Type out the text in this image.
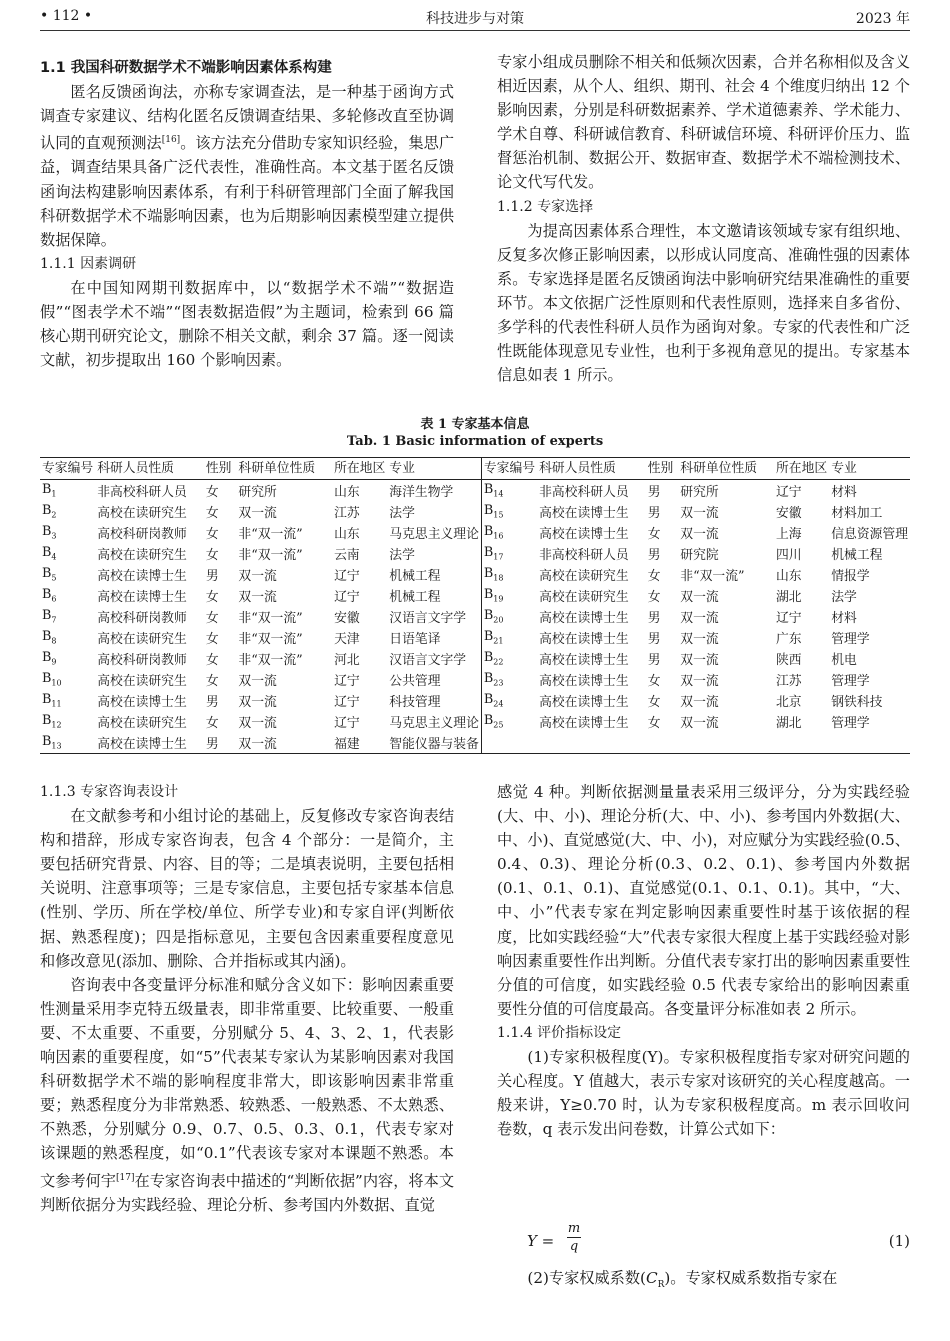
• 112 •	科技进步与对策	2023 年

1.1 我国科研数据学术不端影响因素体系构建

匿名反馈函询法，亦称专家调查法，是一种基于函询方式调查专家建议、结构化匿名反馈调查结果、多轮修改直至协调认同的直观预测法[16]。该方法充分借助专家知识经验，集思广益，调查结果具备广泛代表性，准确性高。本文基于匿名反馈函询法构建影响因素体系，有利于科研管理部门全面了解我国科研数据学术不端影响因素，也为后期影响因素模型建立提供数据保障。

1.1.1 因素调研

在中国知网期刊数据库中，以“数据学术不端”“数据造假”“图表学术不端”“图表数据造假”为主题词，检索到 66 篇核心期刊研究论文，删除不相关文献，剩余 37 篇。逐一阅读文献，初步提取出 160 个影响因素。

专家小组成员删除不相关和低频次因素，合并名称相似及含义相近因素，从个人、组织、期刊、社会 4 个维度归纳出 12 个影响因素，分别是科研数据素养、学术道德素养、学术能力、学术自尊、科研诚信教育、科研诚信环境、科研评价压力、监督惩治机制、数据公开、数据审查、数据学术不端检测技术、论文代写代发。

1.1.2 专家选择

为提高因素体系合理性，本文邀请该领域专家有组织地、反复多次修正影响因素，以形成认同度高、准确性强的因素体系。专家选择是匿名反馈函询法中影响研究结果准确性的重要环节。本文依据广泛性原则和代表性原则，选择来自多省份、多学科的代表性科研人员作为函询对象。专家的代表性和广泛性既能体现意见专业性，也利于多视角意见的提出。专家基本信息如表 1 所示。

表 1 专家基本信息
Tab. 1 Basic information of experts
专家编号	科研人员性质	性别	科研单位性质	所在地区	专业	专家编号	科研人员性质	性别	科研单位性质	所在地区	专业
$B_1$	非高校科研人员	女	研究所	山东	海洋生物学	$B_{14}$	非高校科研人员	男	研究所	辽宁	材料
$B_2$	高校在读研究生	女	双一流	江苏	法学	$B_{15}$	高校在读博士生	男	双一流	安徽	材料加工
$B_3$	高校科研岗教师	女	非“双一流”	山东	马克思主义理论	$B_{16}$	高校在读博士生	女	双一流	上海	信息资源管理
$B_4$	高校在读研究生	女	非“双一流”	云南	法学	$B_{17}$	非高校科研人员	男	研究院	四川	机械工程
$B_5$	高校在读博士生	男	双一流	辽宁	机械工程	$B_{18}$	高校在读研究生	女	非“双一流”	山东	情报学
$B_6$	高校在读博士生	女	双一流	辽宁	机械工程	$B_{19}$	高校在读研究生	女	双一流	湖北	法学
$B_7$	高校科研岗教师	女	非“双一流”	安徽	汉语言文字学	$B_{20}$	高校在读博士生	男	双一流	辽宁	材料
$B_8$	高校在读研究生	女	非“双一流”	天津	日语笔译	$B_{21}$	高校在读博士生	男	双一流	广东	管理学
$B_9$	高校科研岗教师	女	非“双一流”	河北	汉语言文字学	$B_{22}$	高校在读博士生	男	双一流	陕西	机电
$B_{10}$	高校在读研究生	女	双一流	辽宁	公共管理	$B_{23}$	高校在读博士生	女	双一流	江苏	管理学
$B_{11}$	高校在读博士生	男	双一流	辽宁	科技管理	$B_{24}$	高校在读博士生	女	双一流	北京	钢铁科技
$B_{12}$	高校在读研究生	女	双一流	辽宁	马克思主义理论	$B_{25}$	高校在读博士生	女	双一流	湖北	管理学
$B_{13}$	高校在读博士生	男	双一流	福建	智能仪器与装备						

1.1.3 专家咨询表设计

在文献参考和小组讨论的基础上，反复修改专家咨询表结构和措辞，形成专家咨询表，包含 4 个部分：一是简介，主要包括研究背景、内容、目的等；二是填表说明，主要包括相关说明、注意事项等；三是专家信息，主要包括专家基本信息(性别、学历、所在学校/单位、所学专业)和专家自评(判断依据、熟悉程度)；四是指标意见，主要包含因素重要程度意见和修改意见(添加、删除、合并指标或其内涵)。

咨询表中各变量评分标准和赋分含义如下：影响因素重要性测量采用李克特五级量表，即非常重要、比较重要、一般重要、不太重要、不重要，分别赋分 5、4、3、2、1，代表影响因素的重要程度，如“5”代表某专家认为某影响因素对我国科研数据学术不端的影响程度非常大，即该影响因素非常重要；熟悉程度分为非常熟悉、较熟悉、一般熟悉、不太熟悉、不熟悉，分别赋分 0.9、0.7、0.5、0.3、0.1，代表专家对该课题的熟悉程度，如“0.1”代表该专家对本课题不熟悉。本文参考何宇[17]在专家咨询表中描述的“判断依据”内容，将本文判断依据分为实践经验、理论分析、参考国内外数据、直觉

感觉 4 种。判断依据测量量表采用三级评分，分为实践经验(大、中、小)、理论分析(大、中、小)、参考国内外数据(大、中、小)、直觉感觉(大、中、小)，对应赋分为实践经验(0.5、0.4、0.3)、理论分析(0.3、0.2、0.1)、参考国内外数据(0.1、0.1、0.1)、直觉感觉(0.1、0.1、0.1)。其中，“大、中、小”代表专家在判定影响因素重要性时基于该依据的程度，比如实践经验“大”代表专家很大程度上基于实践经验对影响因素重要性作出判断。分值代表专家打出的影响因素重要性分值的可信度，如实践经验 0.5 代表专家给出的影响因素重要性分值的可信度最高。各变量评分标准如表 2 所示。

1.1.4 评价指标设定

(1)专家积极程度(Y)。专家积极程度指专家对研究问题的关心程度。Y 值越大，表示专家对该研究的关心程度越高。一般来讲，Y≥0.70 时，认为专家积极程度高。m 表示回收问卷数，q 表示发出问卷数，计算公式如下：

Y =
m
q	(1)

(2)专家权威系数$(C_R)$。专家权威系数指专家在
